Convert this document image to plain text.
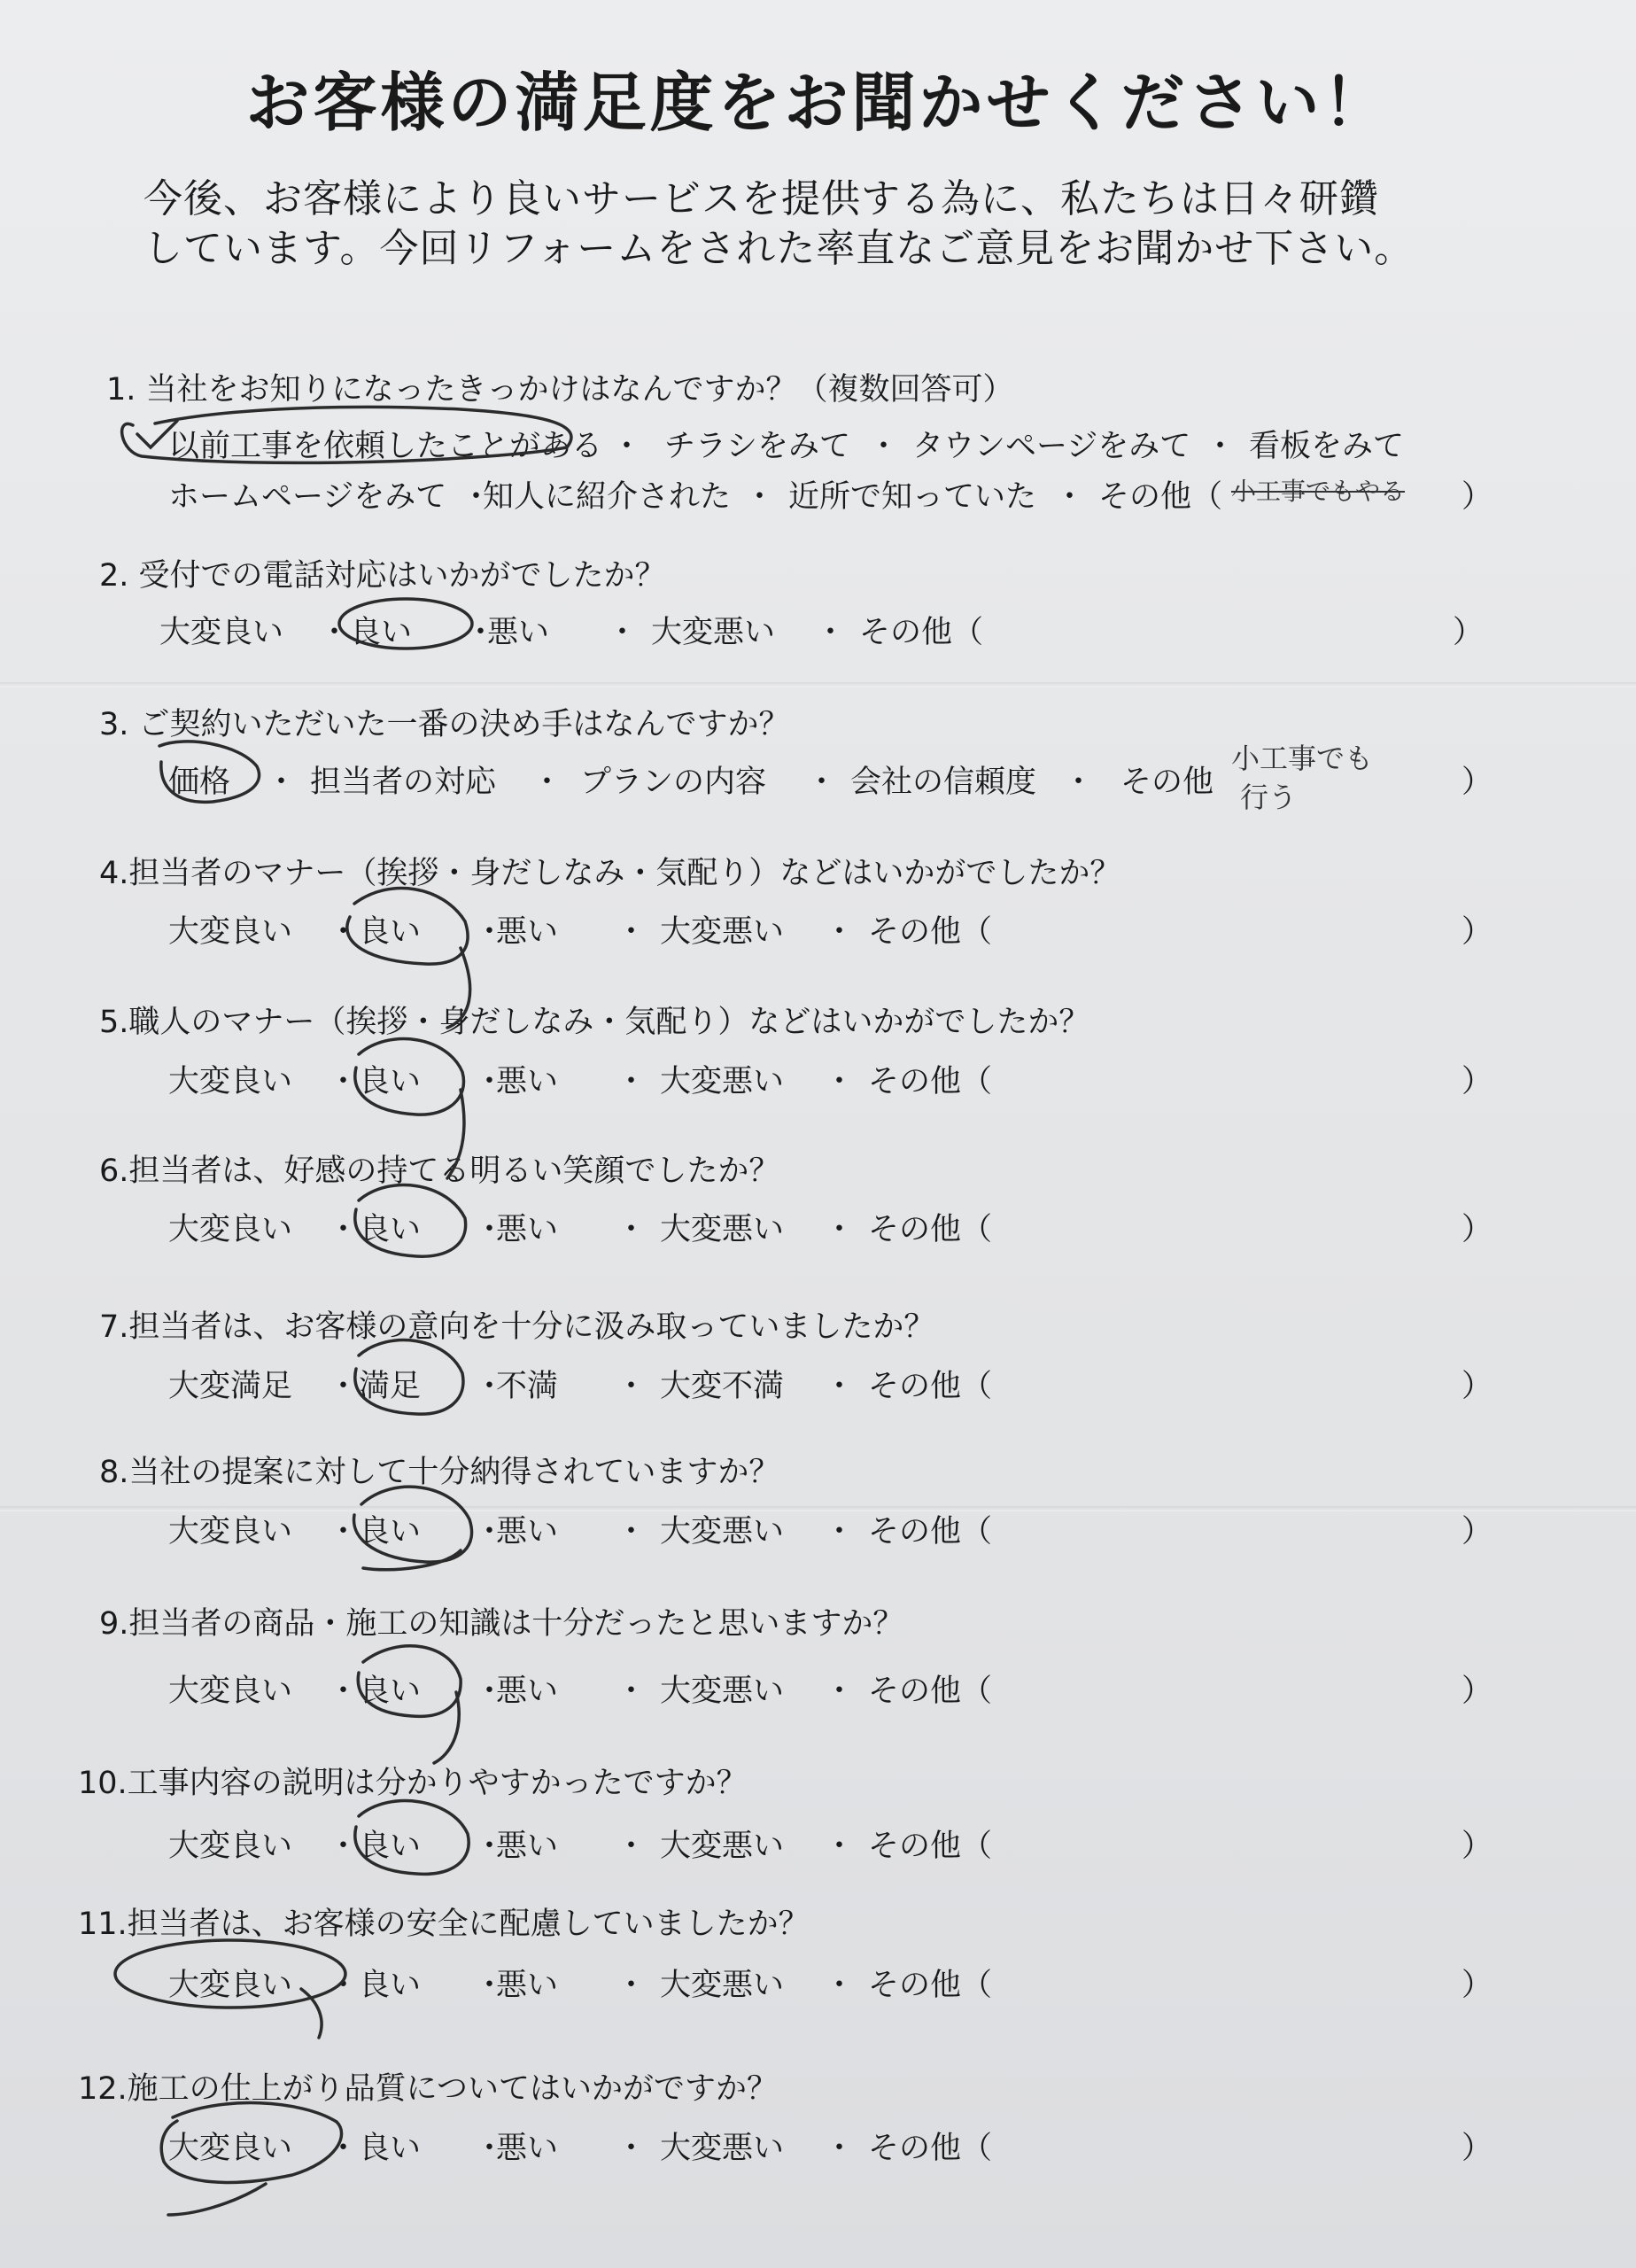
お客様の満足度をお聞かせください！

今後、お客様により良いサービスを提供する為に、私たちは日々研鑽

しています。今回リフォームをされた率直なご意見をお聞かせ下さい。

1. 当社をお知りになったきっかけはなんですか？（複数回答可）

以前工事を依頼したことがある ・ チラシをみて ・ タウンページをみて ・ 看板をみて
ホームページをみて ・
知人に紹介された ・ 近所で知っていた ・ その他（ 小工事でもやる ）

2. 受付での電話対応はいかがでしたか？

大変良い 良い 悪い	大変悪い	その他（
・	・	・	・	）

3. ご契約いただいた一番の決め手はなんですか？

価格 ・ 担当者の対応 ・ プランの内容 ・ 会社の信頼度 ・ その他
小工事でも
行う	）

4.担当者のマナー（挨拶・身だしなみ・気配り）などはいかがでしたか？

大変良い 良い 悪い	大変悪い	その他（
・	・	・	・	）

5.職人のマナー（挨拶・身だしなみ・気配り）などはいかがでしたか？

大変良い 良い 悪い	大変悪い	その他（
・	・	・	・	）

6.担当者は、好感の持てる明るい笑顔でしたか？

大変良い 良い 悪い	大変悪い	その他（
・	・	・	・	）

7.担当者は、お客様の意向を十分に汲み取っていましたか？

大変満足 満足 不満	大変不満	その他（
・	・	・	・	）

8.当社の提案に対して十分納得されていますか？

大変良い 良い 悪い	大変悪い	その他（
・	・	・	・	）

9.担当者の商品・施工の知識は十分だったと思いますか？

大変良い 良い 悪い	大変悪い	その他（
・	・	・	・	）

10.工事内容の説明は分かりやすかったですか？

大変良い 良い 悪い	大変悪い	その他（
・	・	・	・	）

11.担当者は、お客様の安全に配慮していましたか？

大変良い 良い 悪い	大変悪い	その他（
・	・	・	・	）

12.施工の仕上がり品質についてはいかがですか？

大変良い 良い 悪い	大変悪い	その他（
・	・	・	・	）
